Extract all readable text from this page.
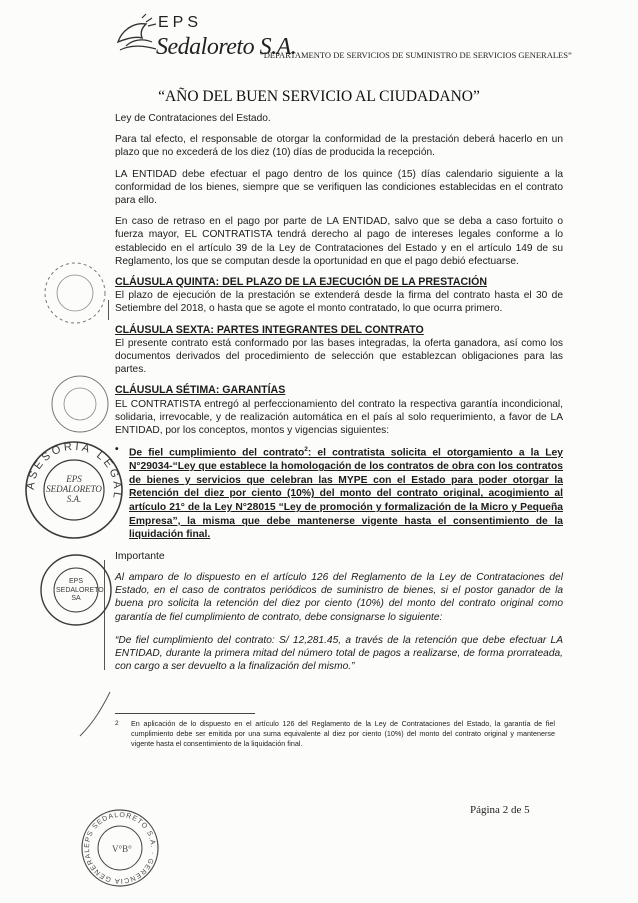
EPS
Sedaloreto S.A.
“DEPARTAMENTO DE SERVICIOS DE SUMINISTRO DE SERVICIOS GENERALES”
“AÑO DEL BUEN SERVICIO AL CIUDADANO”
Ley de Contrataciones del Estado.
Para tal efecto, el responsable de otorgar la conformidad de la prestación deberá hacerlo en un plazo que no excederá de los diez (10) días de producida la recepción.
LA ENTIDAD debe efectuar el pago dentro de los quince (15) días calendario siguiente a la conformidad de los bienes, siempre que se verifiquen las condiciones establecidas en el contrato para ello.
En caso de retraso en el pago por parte de LA ENTIDAD, salvo que se deba a caso fortuito o fuerza mayor, EL CONTRATISTA tendrá derecho al pago de intereses legales conforme a lo establecido en el artículo 39 de la Ley de Contrataciones del Estado y en el artículo 149 de su Reglamento, los que se computan desde la oportunidad en que el pago debió efectuarse.
CLÁUSULA QUINTA: DEL PLAZO DE LA EJECUCIÓN DE LA PRESTACIÓN
El plazo de ejecución de la prestación se extenderá desde la firma del contrato hasta el 30 de Setiembre del 2018, o hasta que se agote el monto contratado, lo que ocurra primero.
CLÁUSULA SEXTA: PARTES INTEGRANTES DEL CONTRATO
El presente contrato está conformado por las bases integradas, la oferta ganadora, así como los documentos derivados del procedimiento de selección que establezcan obligaciones para las partes.
CLÁUSULA SÉTIMA: GARANTÍAS
EL CONTRATISTA entregó al perfeccionamiento del contrato la respectiva garantía incondicional, solidaria, irrevocable, y de realización automática en el país al solo requerimiento, a favor de LA ENTIDAD, por los conceptos, montos y vigencias siguientes:
• De fiel cumplimiento del contrato$^2$: el contratista solicita el otorgamiento a la Ley N°29034-“Ley que establece la homologación de los contratos de obra con los contratos de bienes y servicios que celebran las MYPE con el Estado para poder otorgar la Retención del diez por ciento (10%) del monto del contrato original, acogimiento al artículo 21° de la Ley N°28015 “Ley de promoción y formalización de la Micro y Pequeña Empresa”, la misma que debe mantenerse vigente hasta el consentimiento de la liquidación final.
Importante
Al amparo de lo dispuesto en el artículo 126 del Reglamento de la Ley de Contrataciones del Estado, en el caso de contratos periódicos de suministro de bienes, si el postor ganador de la buena pro solicita la retención del diez por ciento (10%) del monto del contrato original como garantía de fiel cumplimiento de contrato, debe consignarse lo siguiente:
“De fiel cumplimiento del contrato: S/ 12,281.45, a través de la retención que debe efectuar LA ENTIDAD, durante la primera mitad del número total de pagos a realizarse, de forma prorrateada, con cargo a ser devuelto a la finalización del mismo.”
2 En aplicación de lo dispuesto en el artículo 126 del Reglamento de la Ley de Contrataciones del Estado, la garantía de fiel cumplimiento debe ser emitida por una suma equivalente al diez por ciento (10%) del monto del contrato original y mantenerse vigente hasta el consentimiento de la liquidación final.
Página 2 de 5
ASESORIA LEGAL
EPS SEDALORETO S.A.
EPS SEDALORETO SA
EPS SEDALORETO S.A. · GERENCIA GENERAL	V°B°
